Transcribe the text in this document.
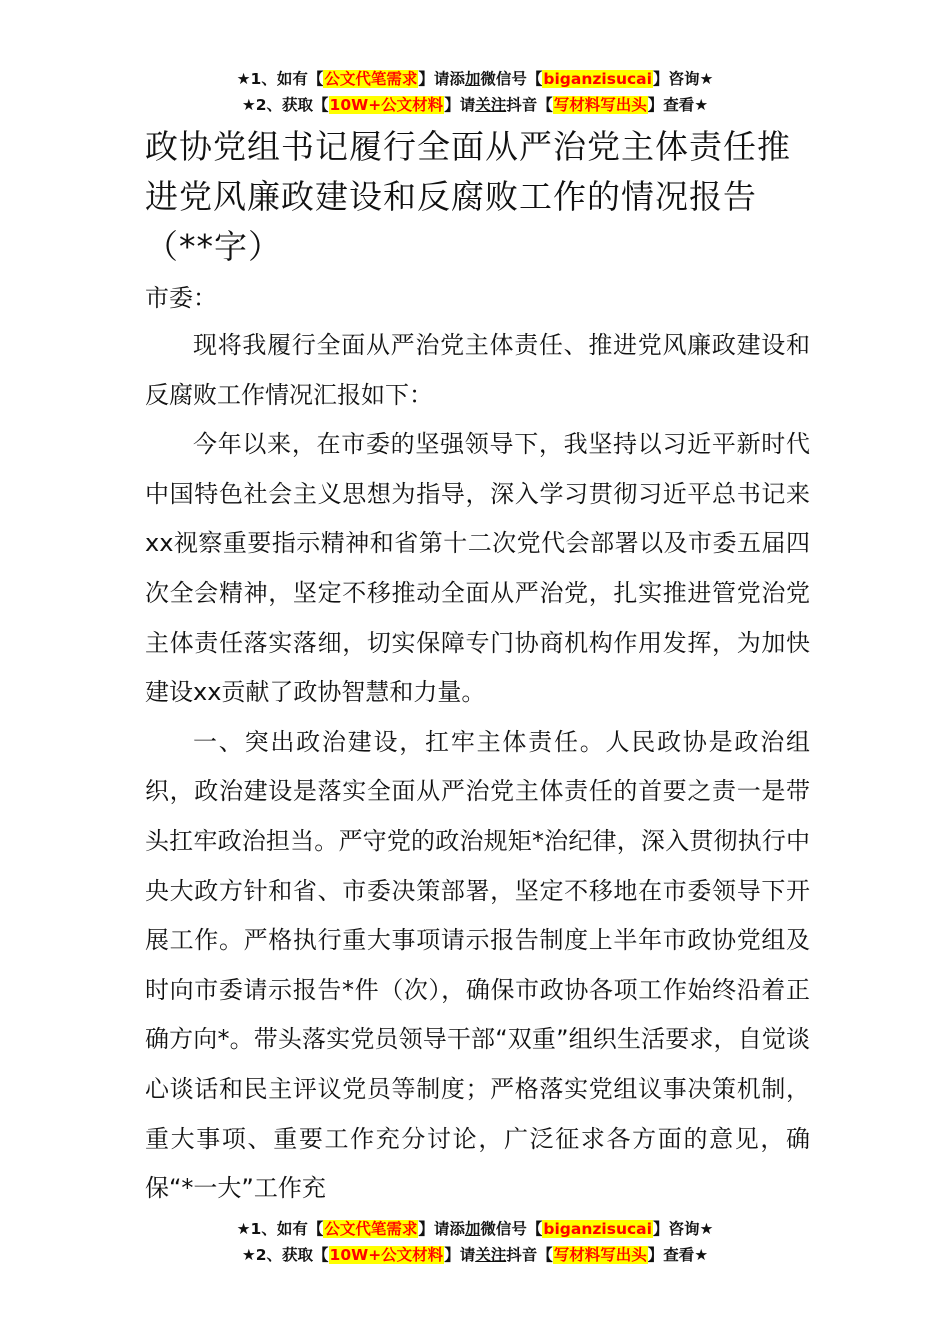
★1、如有【公文代笔需求】请添加微信号【biganzisucai】咨询★
★2、获取【10W+公文材料】请关注抖音【写材料写出头】查看★
政协党组书记履行全面从严治党主体责任推进党风廉政建设和反腐败工作的情况报告（**字）
市委：

现将我履行全面从严治党主体责任、推进党风廉政建设和反腐败工作情况汇报如下：

今年以来，在市委的坚强领导下，我坚持以习近平新时代中国特色社会主义思想为指导，深入学习贯彻习近平总书记来xx视察重要指示精神和省第十二次党代会部署以及市委五届四次全会精神，坚定不移推动全面从严治党，扎实推进管党治党主体责任落实落细，切实保障专门协商机构作用发挥，为加快建设xx贡献了政协智慧和力量。

一、突出政治建设，扛牢主体责任。人民政协是政治组织，政治建设是落实全面从严治党主体责任的首要之责一是带头扛牢政治担当。严守党的政治规矩*治纪律，深入贯彻执行中央大政方针和省、市委决策部署，坚定不移地在市委领导下开展工作。严格执行重大事项请示报告制度上半年市政协党组及时向市委请示报告*件（次），确保市政协各项工作始终沿着正确方向*。带头落实党员领导干部“双重”组织生活要求，自觉谈心谈话和民主评议党员等制度；严格落实党组议事决策机制，重大事项、重要工作充分讨论，广泛征求各方面的意见，确保“*一大”工作充

★1、如有【公文代笔需求】请添加微信号【biganzisucai】咨询★
★2、获取【10W+公文材料】请关注抖音【写材料写出头】查看★
